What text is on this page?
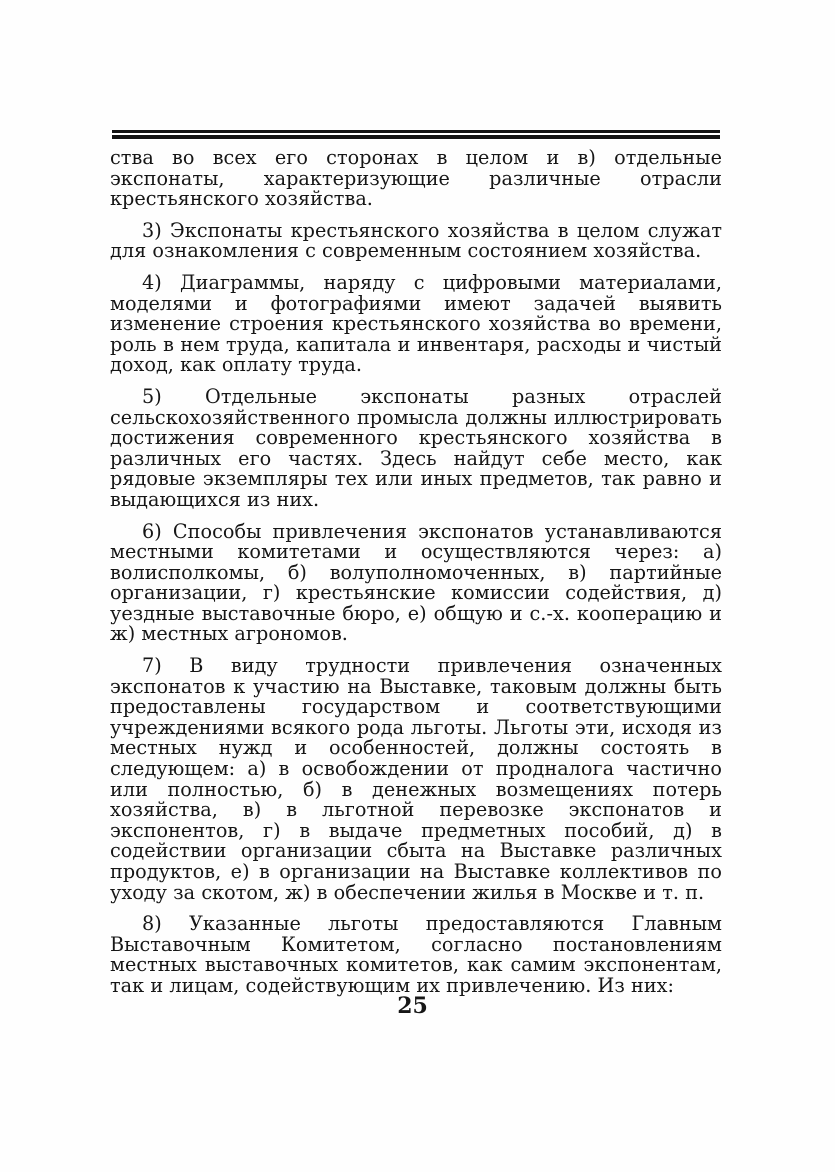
ства во всех его сторонах в целом и в) отдельные экспонаты, характеризующие различные отрасли крестьянского хозяйства.

3) Экспонаты крестьянского хозяйства в целом служат для ознакомления с современным состоянием хозяйства.

4) Диаграммы, наряду с цифровыми материалами, моделями и фотографиями имеют задачей выявить изменение строения крестьянского хозяйства во времени, роль в нем труда, капитала и инвентаря, расходы и чистый доход, как оплату труда.

5) Отдельные экспонаты разных отраслей сельскохозяйственного промысла должны иллюстрировать достижения современного крестьянского хозяйства в различных его частях. Здесь найдут себе место, как рядовые экземпляры тех или иных предметов, так равно и выдающихся из них.

6) Способы привлечения экспонатов устанавливаются местными комитетами и осуществляются через: а) волисполкомы, б) волуполномоченных, в) партийные организации, г) крестьянские комиссии содействия, д) уездные выставочные бюро, е) общую и с.-х. кооперацию и ж) местных агрономов.

7) В виду трудности привлечения означенных экспонатов к участию на Выставке, таковым должны быть предоставлены государством и соответствующими учреждениями всякого рода льготы. Льготы эти, исходя из местных нужд и особенностей, должны состоять в следующем: а) в освобождении от продналога частично или полностью, б) в денежных возмещениях потерь хозяйства, в) в льготной перевозке экспонатов и экспонентов, г) в выдаче предметных пособий, д) в содействии организации сбыта на Выставке различных продуктов, е) в организации на Выставке коллективов по уходу за скотом, ж) в обеспечении жилья в Москве и т. п.

8) Указанные льготы предоставляются Главным Выставочным Комитетом, согласно постановлениям местных выставочных комитетов, как самим экспонентам, так и лицам, содействующим их привлечению. Из них:

25
